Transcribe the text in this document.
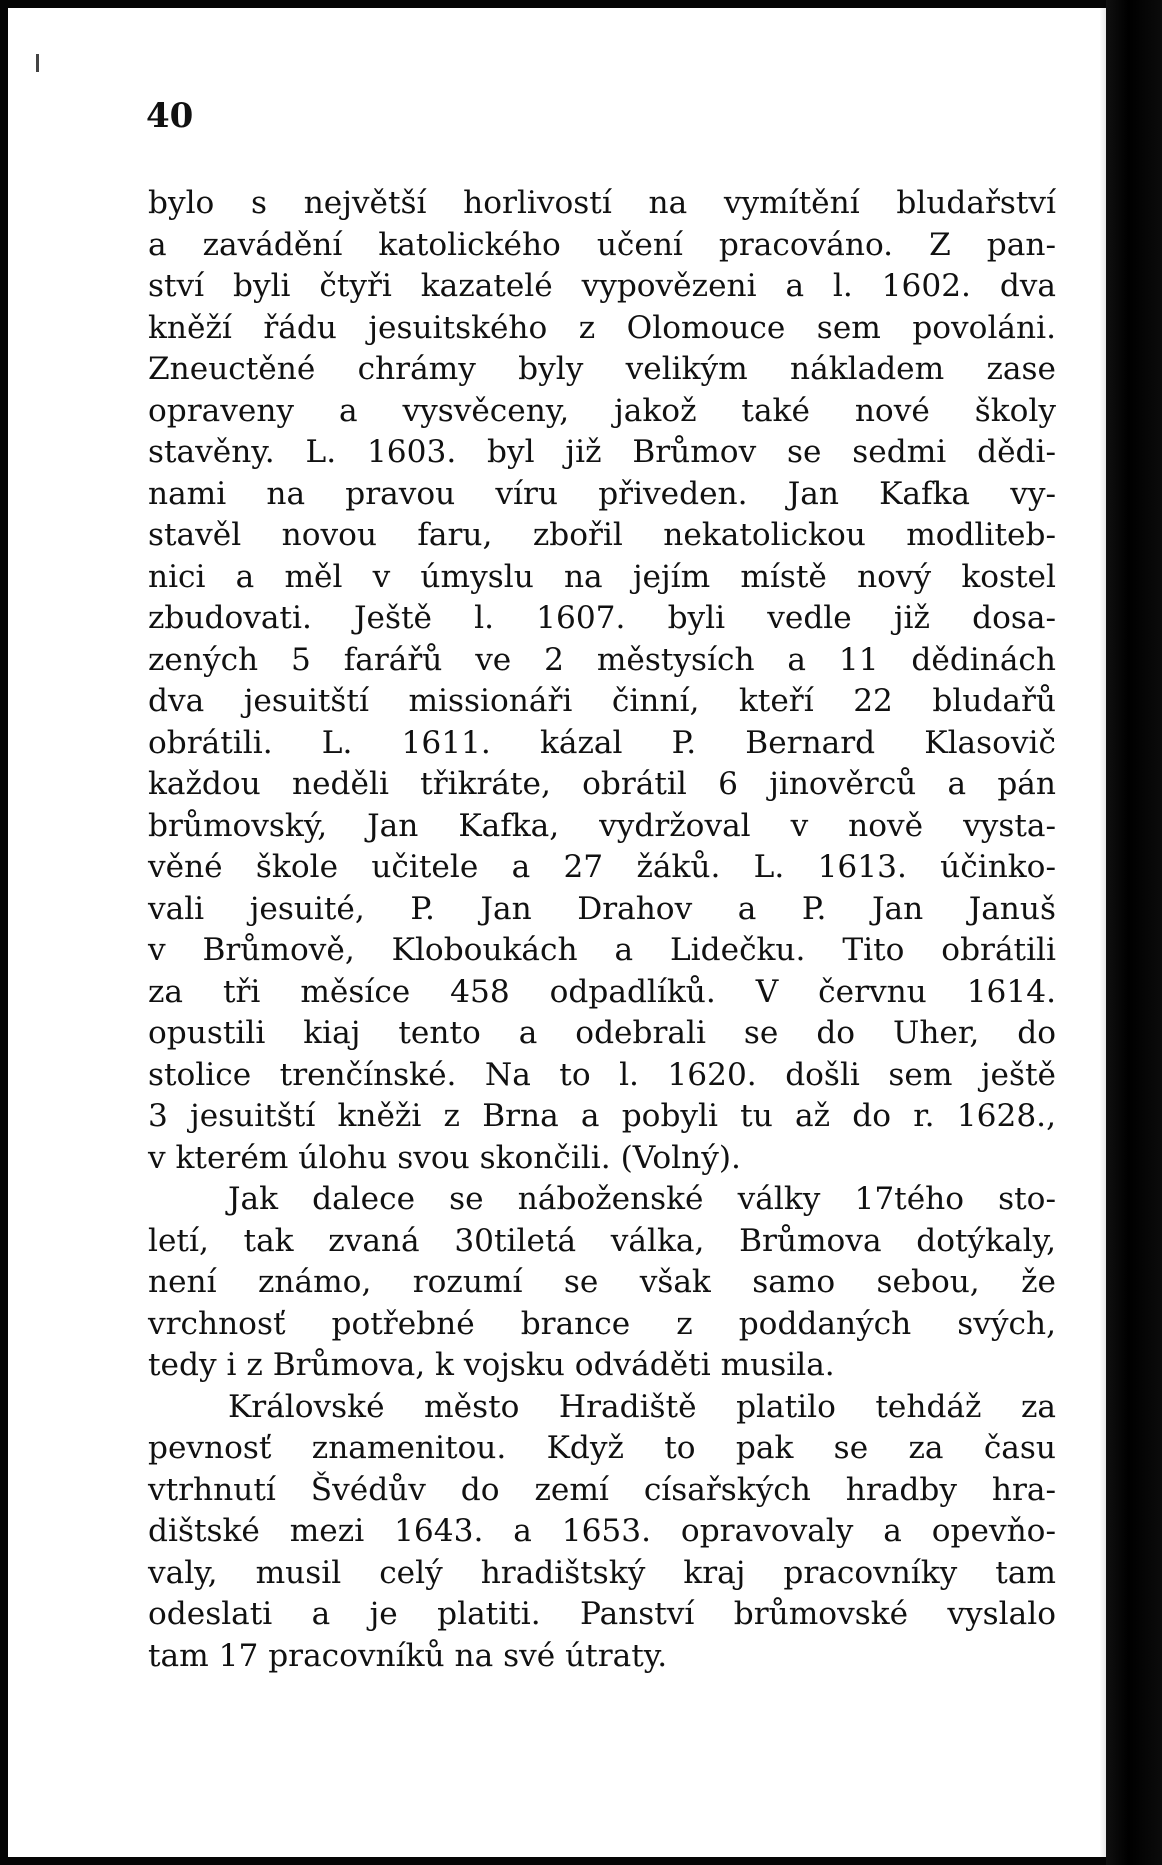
40
bylo s největší horlivostí na vymítění bludařství
a zavádění katolického učení pracováno. Z pan-
ství byli čtyři kazatelé vypovězeni a l. 1602. dva
kněží řádu jesuitského z Olomouce sem povoláni.
Zneuctěné chrámy byly velikým nákladem zase
opraveny a vysvěceny, jakož také nové školy
stavěny. L. 1603. byl již Brůmov se sedmi dědi-
nami na pravou víru přiveden. Jan Kafka vy-
stavěl novou faru, zbořil nekatolickou modliteb-
nici a měl v úmyslu na jejím místě nový kostel
zbudovati. Ještě l. 1607. byli vedle již dosa-
zených 5 farářů ve 2 městysích a 11 dědinách
dva jesuitští missionáři činní, kteří 22 bludařů
obrátili. L. 1611. kázal P. Bernard Klasovič
každou neděli třikráte, obrátil 6 jinověrců a pán
brůmovský, Jan Kafka, vydržoval v nově vysta-
věné škole učitele a 27 žáků. L. 1613. účinko-
vali jesuité, P. Jan Drahov a P. Jan Januš
v Brůmově, Kloboukách a Lidečku. Tito obrátili
za tři měsíce 458 odpadlíků. V červnu 1614.
opustili kiaj tento a odebrali se do Uher, do
stolice trenčínské. Na to l. 1620. došli sem ještě
3 jesuitští kněži z Brna a pobyli tu až do r. 1628.,
v kterém úlohu svou skončili. (Volný).
Jak dalece se náboženské války 17tého sto-
letí, tak zvaná 30tiletá válka, Brůmova dotýkaly,
není známo, rozumí se však samo sebou, že
vrchnosť potřebné brance z poddaných svých,
tedy i z Brůmova, k vojsku odváděti musila.
Královské město Hradiště platilo tehdáž za
pevnosť znamenitou. Když to pak se za času
vtrhnutí Švédův do zemí císařských hradby hra-
dištské mezi 1643. a 1653. opravovaly a opevňo-
valy, musil celý hradištský kraj pracovníky tam
odeslati a je platiti. Panství brůmovské vyslalo
tam 17 pracovníků na své útraty.
